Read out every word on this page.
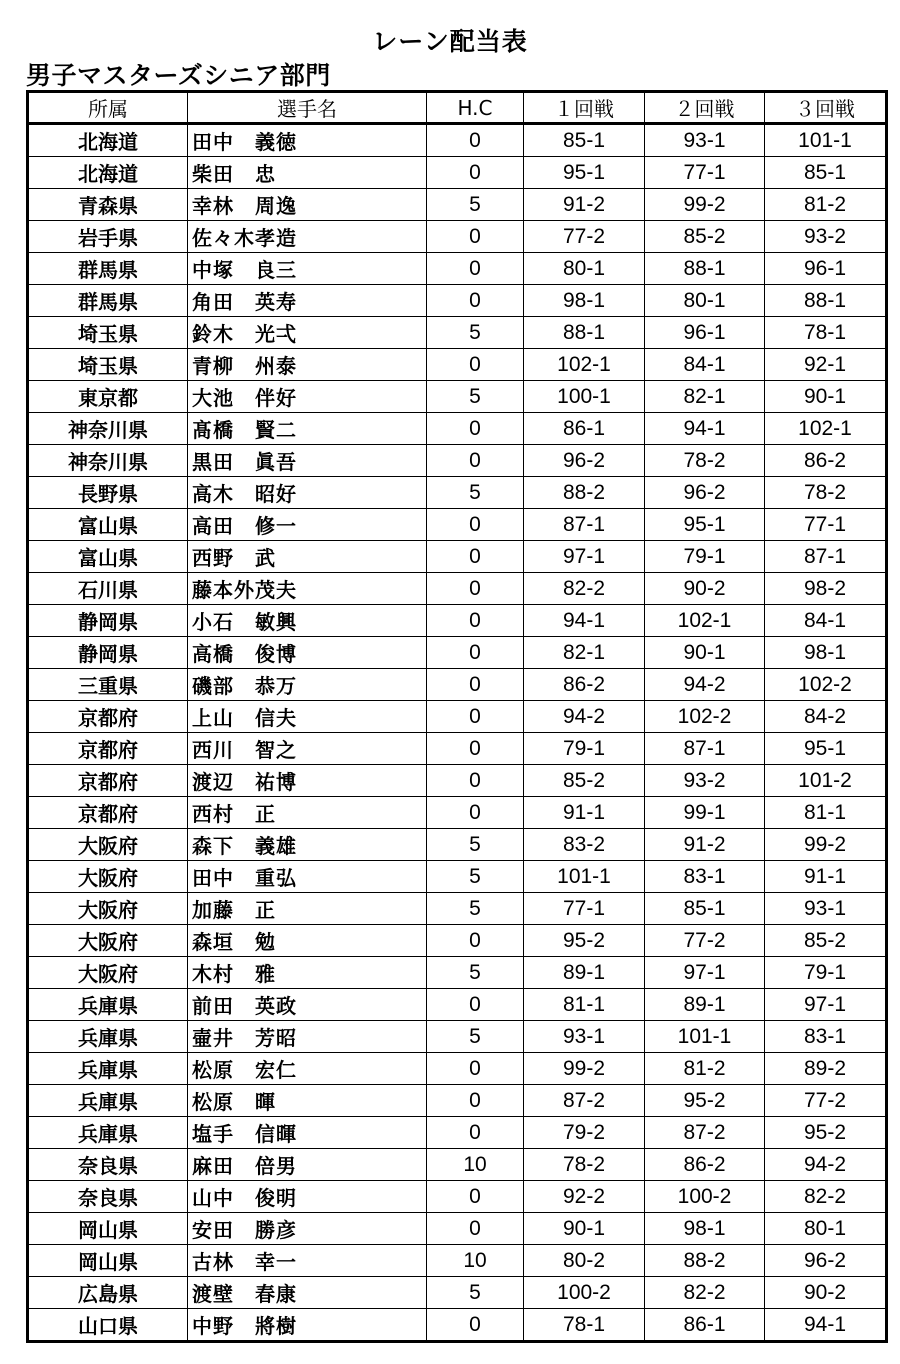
レーン配当表
男子マスターズシニア部門
所属	選手名	H.C	１回戦	２回戦	３回戦
北海道	田中　義徳	0	85-1	93-1	101-1
北海道	柴田　忠	0	95-1	77-1	85-1
青森県	幸林　周逸	5	91-2	99-2	81-2
岩手県	佐々木孝造	0	77-2	85-2	93-2
群馬県	中塚　良三	0	80-1	88-1	96-1
群馬県	角田　英寿	0	98-1	80-1	88-1
埼玉県	鈴木　光弌	5	88-1	96-1	78-1
埼玉県	青柳　州泰	0	102-1	84-1	92-1
東京都	大池　伴好	5	100-1	82-1	90-1
神奈川県	髙橋　賢二	0	86-1	94-1	102-1
神奈川県	黒田　眞吾	0	96-2	78-2	86-2
長野県	高木　昭好	5	88-2	96-2	78-2
富山県	高田　修一	0	87-1	95-1	77-1
富山県	西野　武	0	97-1	79-1	87-1
石川県	藤本外茂夫	0	82-2	90-2	98-2
静岡県	小石　敏興	0	94-1	102-1	84-1
静岡県	高橋　俊博	0	82-1	90-1	98-1
三重県	磯部　恭万	0	86-2	94-2	102-2
京都府	上山　信夫	0	94-2	102-2	84-2
京都府	西川　智之	0	79-1	87-1	95-1
京都府	渡辺　祐博	0	85-2	93-2	101-2
京都府	西村　正	0	91-1	99-1	81-1
大阪府	森下　義雄	5	83-2	91-2	99-2
大阪府	田中　重弘	5	101-1	83-1	91-1
大阪府	加藤　正	5	77-1	85-1	93-1
大阪府	森垣　勉	0	95-2	77-2	85-2
大阪府	木村　雅	5	89-1	97-1	79-1
兵庫県	前田　英政	0	81-1	89-1	97-1
兵庫県	壷井　芳昭	5	93-1	101-1	83-1
兵庫県	松原　宏仁	0	99-2	81-2	89-2
兵庫県	松原　暉	0	87-2	95-2	77-2
兵庫県	塩手　信暉	0	79-2	87-2	95-2
奈良県	麻田　倍男	10	78-2	86-2	94-2
奈良県	山中　俊明	0	92-2	100-2	82-2
岡山県	安田　勝彦	0	90-1	98-1	80-1
岡山県	古林　幸一	10	80-2	88-2	96-2
広島県	渡壁　春康	5	100-2	82-2	90-2
山口県	中野　將樹	0	78-1	86-1	94-1
